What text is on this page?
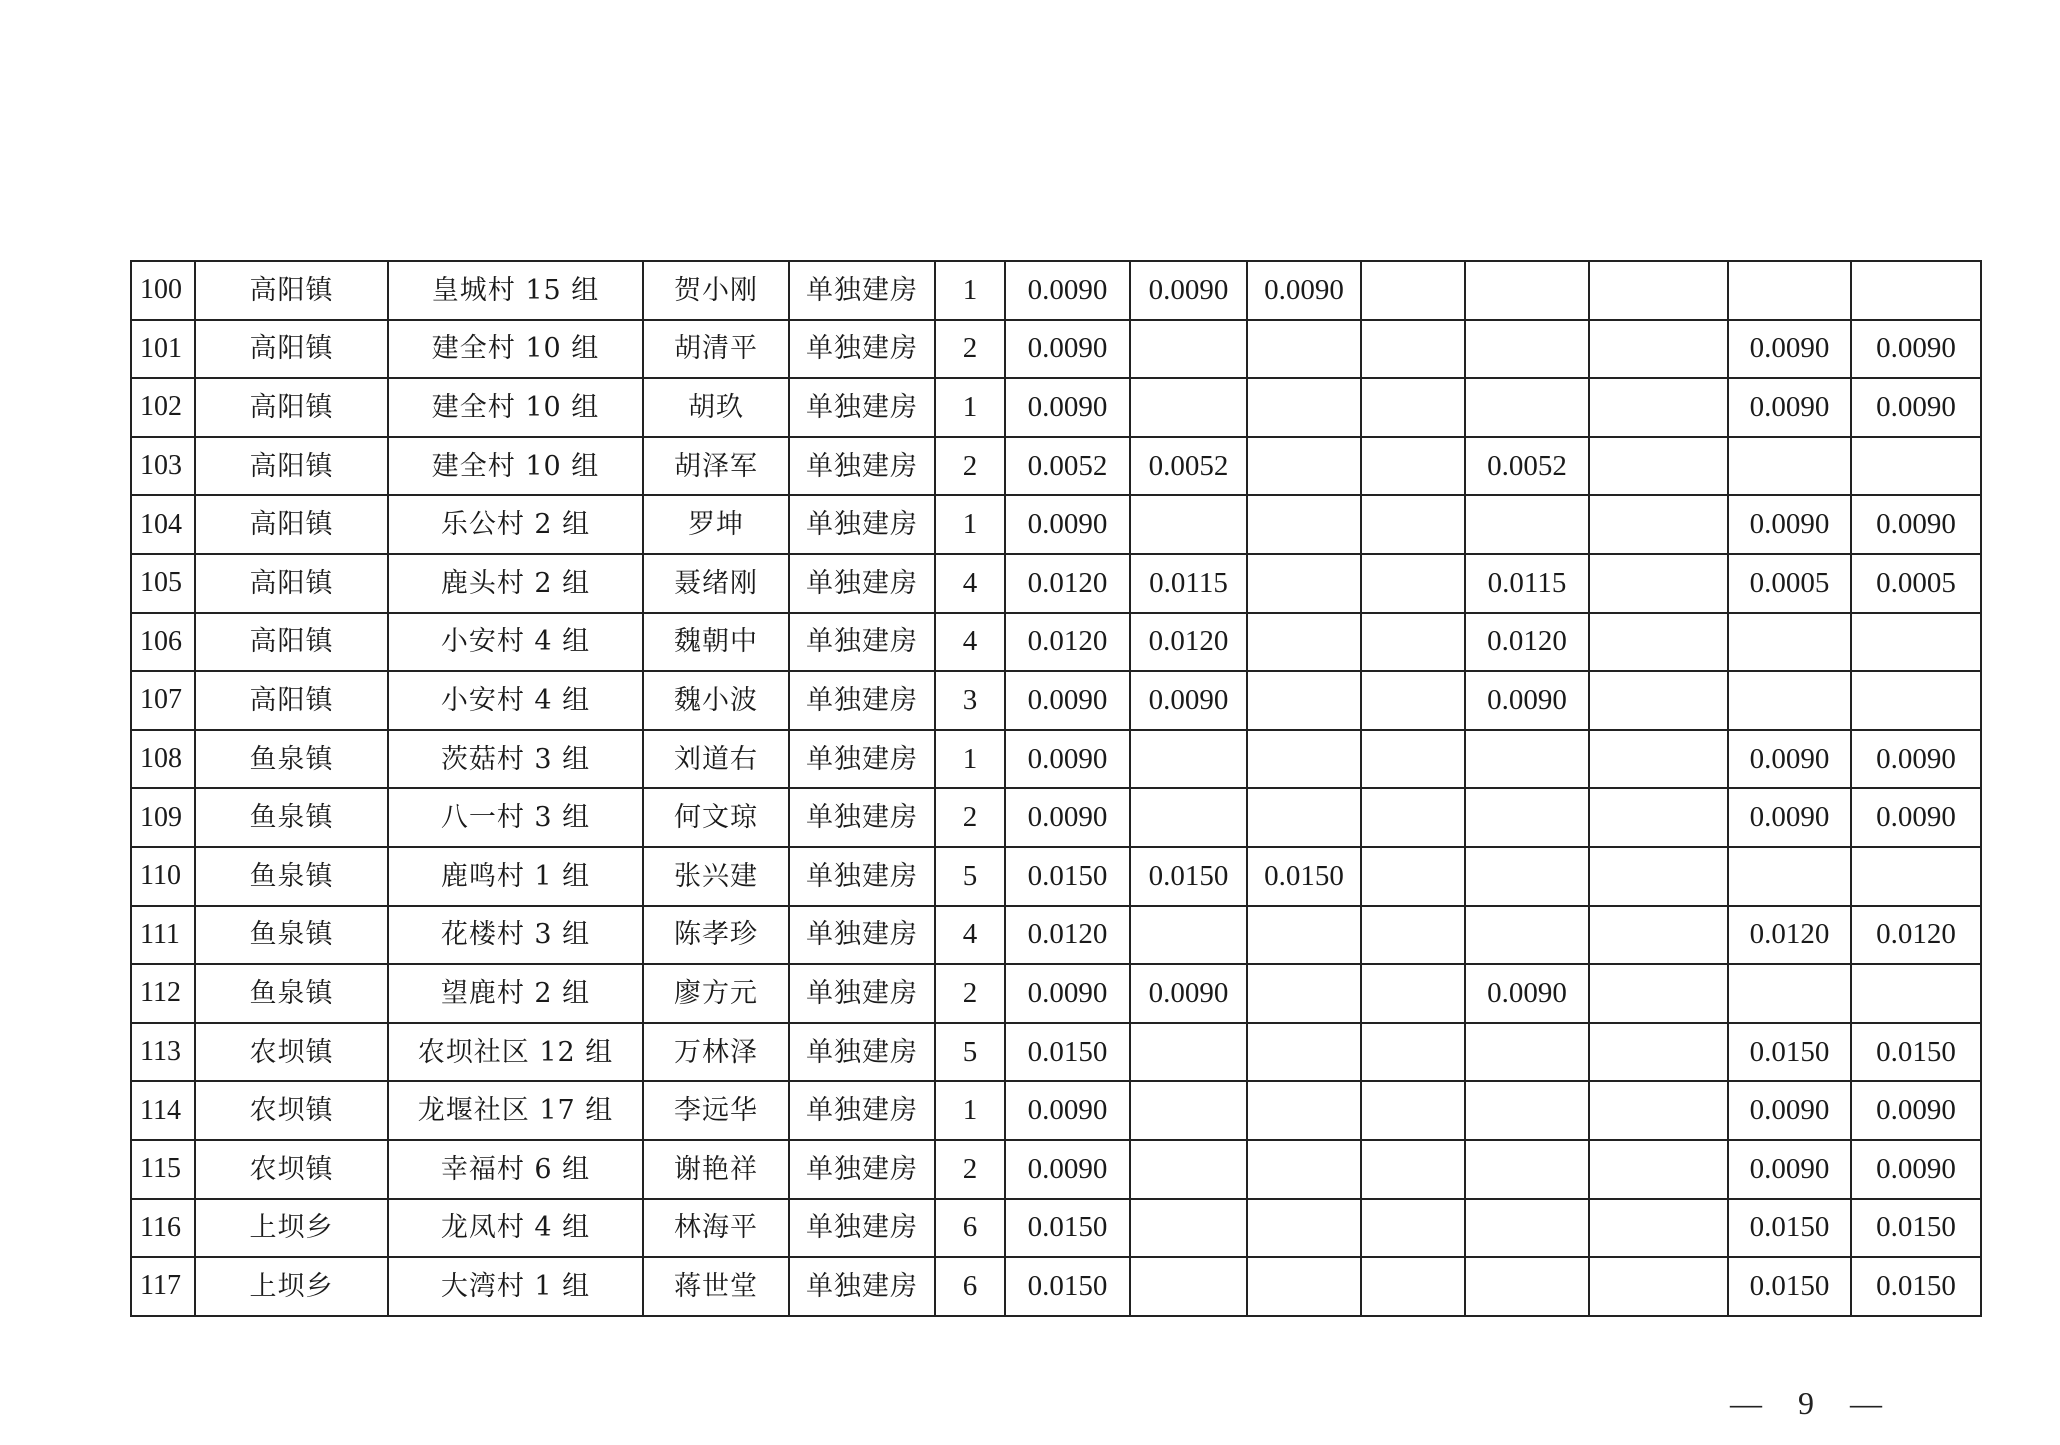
100	高阳镇	皇城村 15 组	贺小刚	单独建房	1	0.0090	0.0090	0.0090					
101	高阳镇	建全村 10 组	胡清平	单独建房	2	0.0090						0.0090	0.0090
102	高阳镇	建全村 10 组	胡玖	单独建房	1	0.0090						0.0090	0.0090
103	高阳镇	建全村 10 组	胡泽军	单独建房	2	0.0052	0.0052			0.0052			
104	高阳镇	乐公村 2 组	罗坤	单独建房	1	0.0090						0.0090	0.0090
105	高阳镇	鹿头村 2 组	聂绪刚	单独建房	4	0.0120	0.0115			0.0115		0.0005	0.0005
106	高阳镇	小安村 4 组	魏朝中	单独建房	4	0.0120	0.0120			0.0120			
107	高阳镇	小安村 4 组	魏小波	单独建房	3	0.0090	0.0090			0.0090			
108	鱼泉镇	茨菇村 3 组	刘道右	单独建房	1	0.0090						0.0090	0.0090
109	鱼泉镇	八一村 3 组	何文琼	单独建房	2	0.0090						0.0090	0.0090
110	鱼泉镇	鹿鸣村 1 组	张兴建	单独建房	5	0.0150	0.0150	0.0150					
111	鱼泉镇	花楼村 3 组	陈孝珍	单独建房	4	0.0120						0.0120	0.0120
112	鱼泉镇	望鹿村 2 组	廖方元	单独建房	2	0.0090	0.0090			0.0090			
113	农坝镇	农坝社区 12 组	万林泽	单独建房	5	0.0150						0.0150	0.0150
114	农坝镇	龙堰社区 17 组	李远华	单独建房	1	0.0090						0.0090	0.0090
115	农坝镇	幸福村 6 组	谢艳祥	单独建房	2	0.0090						0.0090	0.0090
116	上坝乡	龙凤村 4 组	林海平	单独建房	6	0.0150						0.0150	0.0150
117	上坝乡	大湾村 1 组	蒋世堂	单独建房	6	0.0150						0.0150	0.0150
— 9 —
